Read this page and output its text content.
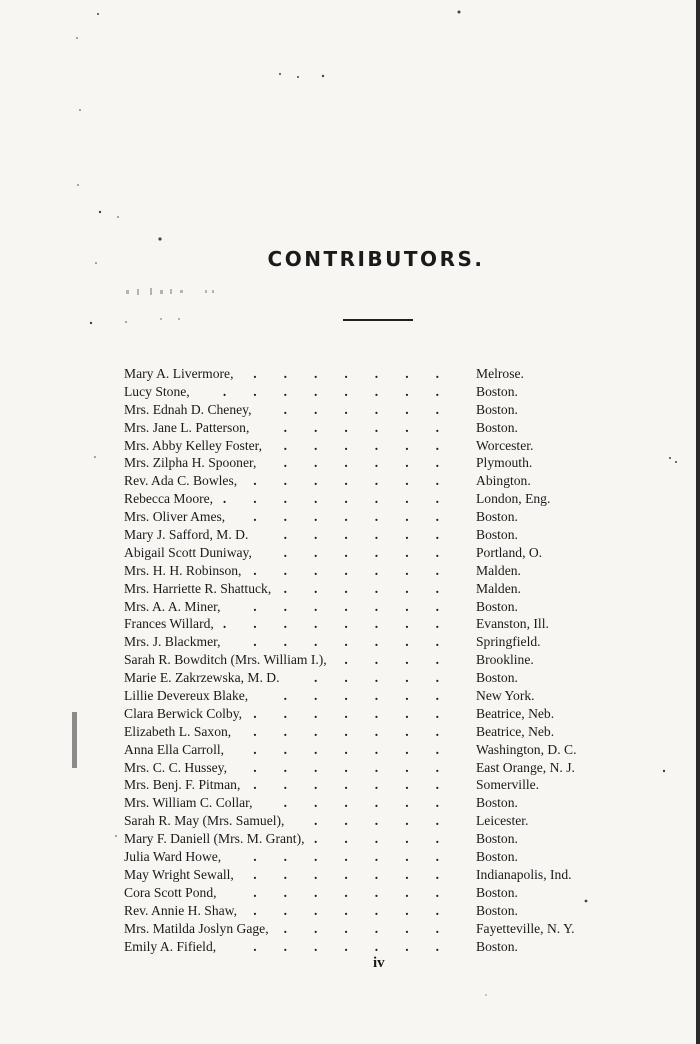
CONTRIBUTORS.
Mary A. Livermore, ....... Melrose.
Lucy Stone, ........ Boston.
Mrs. Ednah D. Cheney, ...... Boston.
Mrs. Jane L. Patterson,	...... Boston.
Mrs. Abby Kelley Foster, ...... Worcester.
Mrs. Zilpha H. Spooner, ...... Plymouth.
Rev. Ada C. Bowles, ....... Abington.
Rebecca Moore, ........ London, Eng.
Mrs. Oliver Ames, ....... Boston.
Mary J. Safford, M. D.	...... Boston.
Abigail Scott Duniway, ...... Portland, O.
Mrs. H. H. Robinson, ....... Malden.
Mrs. Harriette R. Shattuck, ...... Malden.
Mrs. A. A. Miner, ....... Boston.
Frances Willard, ........ Evanston, Ill.
Mrs. J. Blackmer, ....... Springfield.
Sarah R. Bowditch (Mrs. William I.), .... Brookline.
Marie E. Zakrzewska, M. D.	..... Boston.
Lillie Devereux Blake,	...... New York.
Clara Berwick Colby, ....... Beatrice, Neb.
Elizabeth L. Saxon, ....... Beatrice, Neb.
Anna Ella Carroll, ....... Washington, D. C.
Mrs. C. C. Hussey, ....... East Orange, N. J.
Mrs. Benj. F. Pitman, ....... Somerville.
Mrs. William C. Collar, ...... Boston.
Sarah R. May (Mrs. Samuel), ..... Leicester.
Mary F. Daniell (Mrs. M. Grant), ..... Boston.
Julia Ward Howe, ....... Boston.
May Wright Sewall, ....... Indianapolis, Ind.
Cora Scott Pond,	....... Boston.
Rev. Annie H. Shaw, ....... Boston.
Mrs. Matilda Joslyn Gage, ...... Fayetteville, N. Y.
Emily A. Fifield,	....... Boston.
iv
